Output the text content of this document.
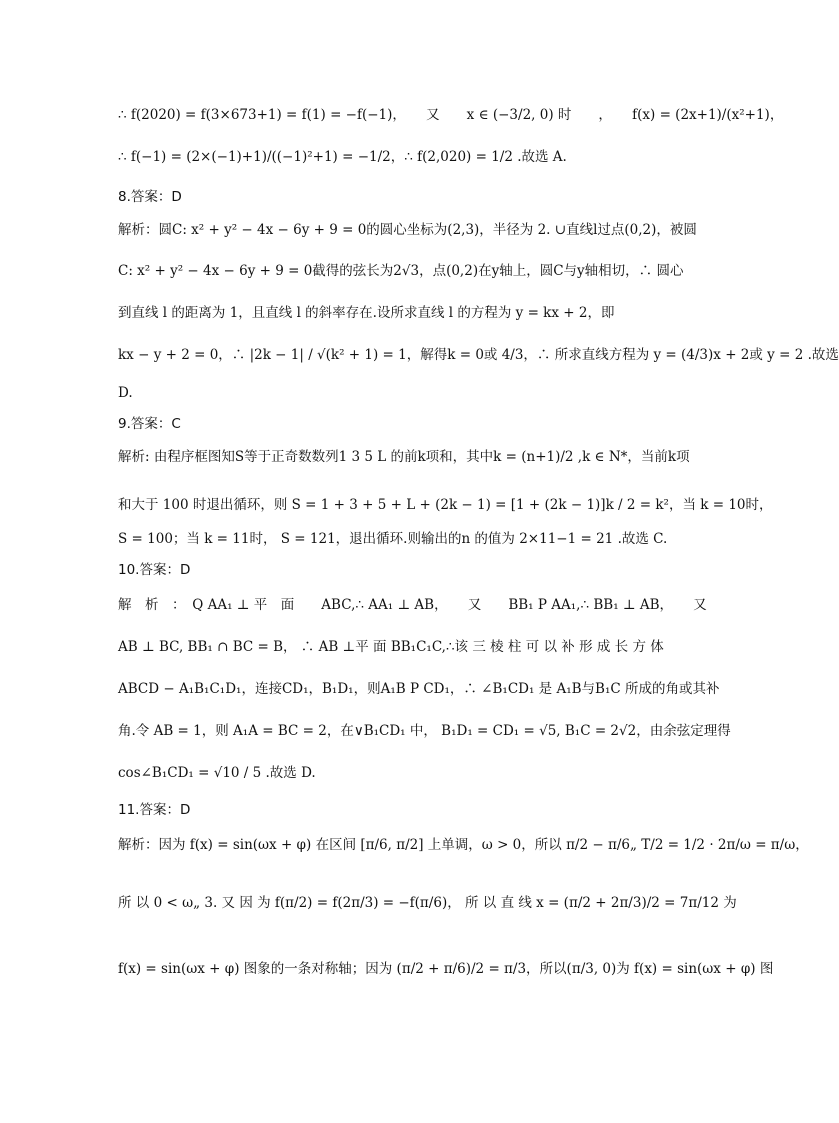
∴ f(2020) = f(3×673+1) = f(1) = −f(−1)，　　又　　x ∈ (−3/2, 0) 时　　，　　f(x) = (2x+1)/(x²+1)，
∴ f(−1) = (2×(−1)+1)/((−1)²+1) = −1/2，∴ f(2,020) = 1/2 .故选 A.
8.答案：D
解析：圆C: x² + y² − 4x − 6y + 9 = 0的圆心坐标为(2,3)，半径为 2. ∪直线l过点(0,2)，被圆
C: x² + y² − 4x − 6y + 9 = 0截得的弦长为2√3，点(0,2)在y轴上，圆C与y轴相切，∴ 圆心
到直线 l 的距离为 1，且直线 l 的斜率存在.设所求直线 l 的方程为 y = kx + 2，即
kx − y + 2 = 0，∴ |2k − 1| / √(k² + 1) = 1，解得k = 0或 4/3，∴ 所求直线方程为 y = (4/3)x + 2或 y = 2 .故选
D.
9.答案：C
解析: 由程序框图知S等于正奇数数列1 3 5 L 的前k项和，其中k = (n+1)/2 ,k ∈ N*，当前k项
和大于 100 时退出循环，则 S = 1 + 3 + 5 + L + (2k − 1) = [1 + (2k − 1)]k / 2 = k²，当 k = 10时，
S = 100；当 k = 11时， S = 121，退出循环.则输出的n 的值为 2×11−1 = 21 .故选 C.
10.答案：D
解　析　：　Q AA₁ ⊥ 平　面　　ABC,∴ AA₁ ⊥ AB，　　又　　BB₁ P AA₁,∴ BB₁ ⊥ AB，　　又
AB ⊥ BC, BB₁ ∩ BC = B， ∴ AB ⊥平 面 BB₁C₁C,∴该 三 棱 柱 可 以 补 形 成 长 方 体
ABCD − A₁B₁C₁D₁，连接CD₁，B₁D₁，则A₁B P CD₁，∴ ∠B₁CD₁ 是 A₁B与B₁C 所成的角或其补
角.令 AB = 1，则 A₁A = BC = 2，在∨B₁CD₁ 中， B₁D₁ = CD₁ = √5, B₁C = 2√2，由余弦定理得
cos∠B₁CD₁ = √10 / 5 .故选 D.
11.答案：D
解析：因为 f(x) = sin(ωx + φ) 在区间 [π/6, π/2] 上单调，ω > 0，所以 π/2 − π/6„ T/2 = 1/2 · 2π/ω = π/ω，
所 以 0 < ω„ 3. 又 因 为 f(π/2) = f(2π/3) = −f(π/6)， 所 以 直 线 x = (π/2 + 2π/3)/2 = 7π/12 为
f(x) = sin(ωx + φ) 图象的一条对称轴；因为 (π/2 + π/6)/2 = π/3，所以(π/3, 0)为 f(x) = sin(ωx + φ) 图
